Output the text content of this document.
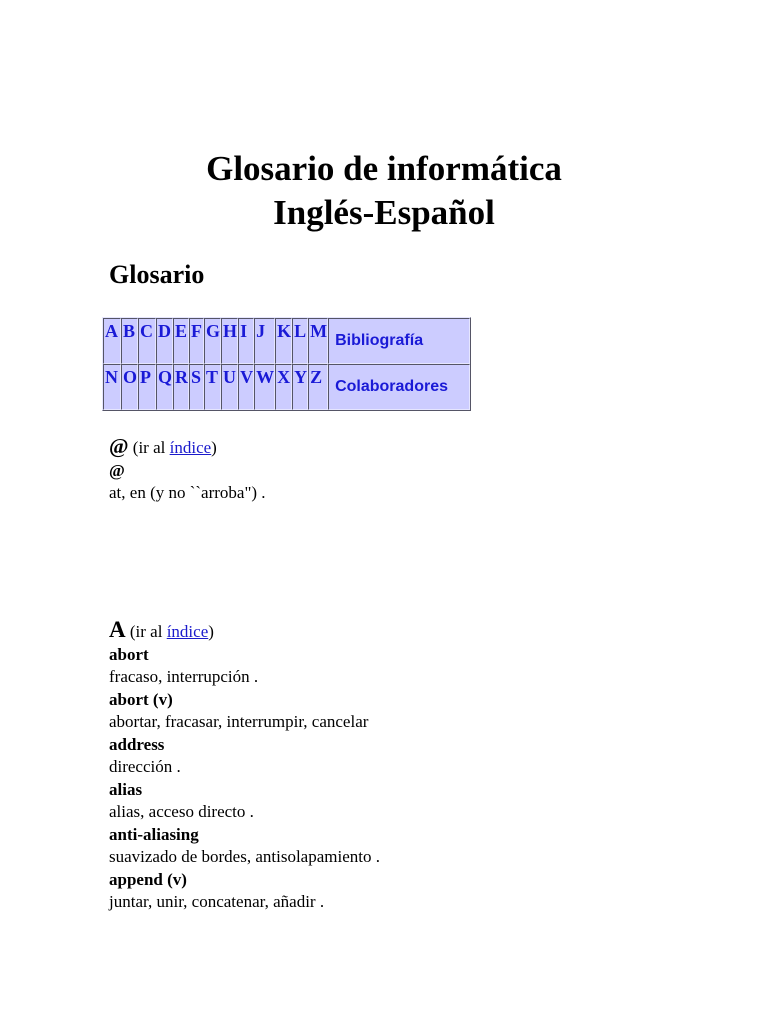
Glosario de informática
Inglés-Español
Glosario
A	B	C	D	E	F	G	H	I	J	K	L	M	Bibliografía

N	O	P	Q	R	S	T	U	V	W	X	Y	Z	Colaboradores
@ (ir al índice)
@
at, en (y no ``arroba") .
A (ir al índice)
abort
fracaso, interrupción .
abort (v)
abortar, fracasar, interrumpir, cancelar
address
dirección .
alias
alias, acceso directo .
anti-aliasing
suavizado de bordes, antisolapamiento .
append (v)
juntar, unir, concatenar, añadir .
